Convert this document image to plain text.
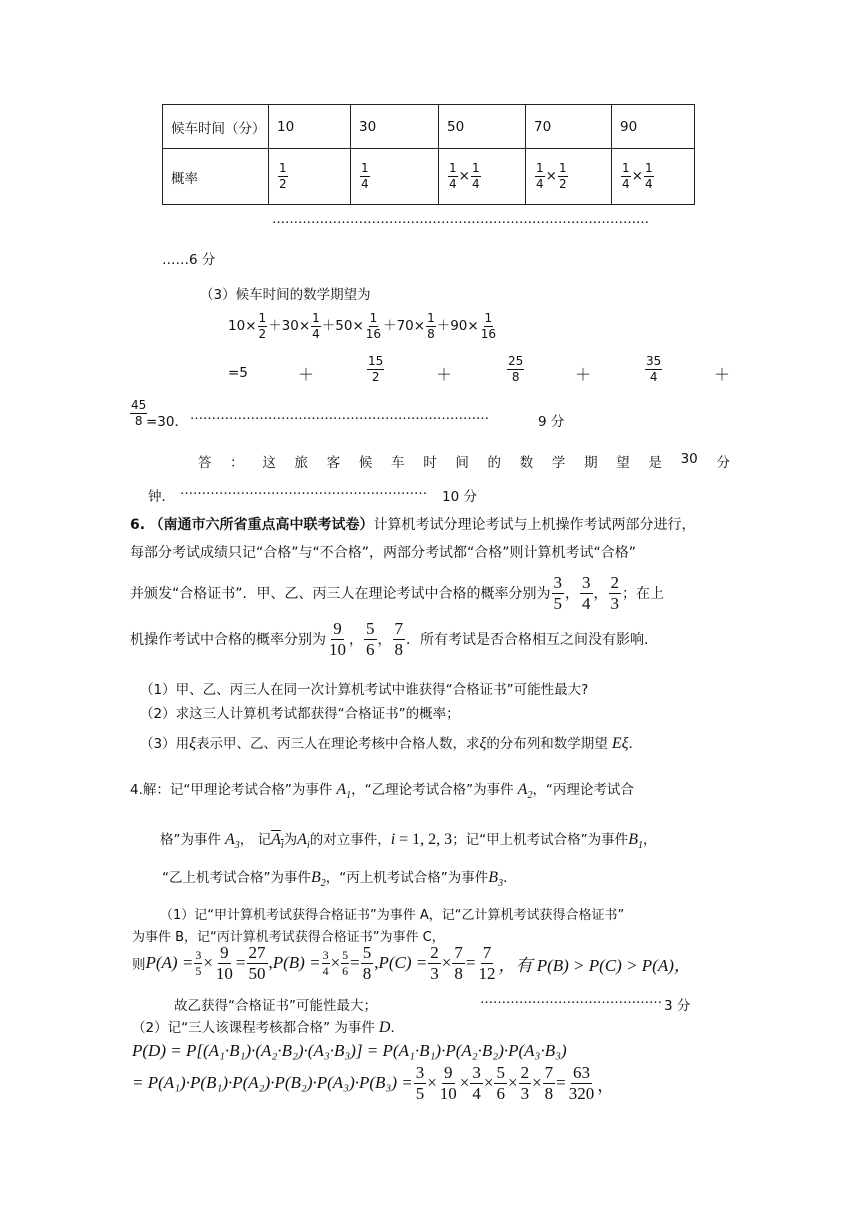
候车时间（分）	10	30	50	70	90
概率	$\frac{1}{2}$	$\frac{1}{4}$	$\frac{1}{4} \times \frac{1}{4}$	$\frac{1}{4} \times \frac{1}{2}$	$\frac{1}{4} \times \frac{1}{4}$
……………………………………………………………………………
……6 分
（3）候车时间的数学期望为
$10\times \frac{1}{2} +30\times \frac{1}{4} +50\times \frac{1}{16} +70\times \frac{1}{8} +90\times \frac{1}{16}$
=5	＋	$\frac{15}{2}$	＋	$\frac{25}{8}$	＋	$\frac{35}{4}$	＋
$\frac{45}{8}$
=30． ……………………………………………………………	9 分
答 ： 这 旅 客 候 车 时 间 的 数 学 期 望 是 30 分
钟． ………………………………………………… 10 分
6. （南通市六所省重点高中联考试卷）计算机考试分理论考试与上机操作考试两部分进行，
每部分考试成绩只记“合格”与“不合格”，两部分考试都“合格”则计算机考试“合格”
并颁发“合格证书”．甲、乙、丙三人在理论考试中合格的概率分别为 $\frac{3}{5}$ ， $\frac{3}{4}$ ， $\frac{2}{3}$ ；在上
机操作考试中合格的概率分别为 $\frac{9}{10}$ ， $\frac{5}{6}$ ， $\frac{7}{8}$ ．所有考试是否合格相互之间没有影响．
（1）甲、乙、丙三人在同一次计算机考试中谁获得“合格证书”可能性最大?
（2）求这三人计算机考试都获得“合格证书”的概率；
（3）用ξ表示甲、乙、丙三人在理论考核中合格人数，求ξ的分布列和数学期望 Eξ．
4.解：记“甲理论考试合格”为事件 $A_1$，“乙理论考试合格”为事件 $A_2$，“丙理论考试合
格”为事件 $A_3$， 记$A_i$为$A_i$的对立事件，i = 1, 2, 3；记“甲上机考试合格”为事件$B_1$，
“乙上机考试合格”为事件$B_2$，“丙上机考试合格”为事件$B_3$．
（1）记“甲计算机考试获得合格证书”为事件 A，记“乙计算机考试获得合格证书”
为事件 B，记“丙计算机考试获得合格证书”为事件 C，
则 $P(A) = \frac{3}{5} \times \frac{9}{10} = \frac{27}{50}$ , $P(B) = \frac{3}{4} \times \frac{5}{6} = \frac{5}{8}$ , $P(C) = \frac{2}{3} \times \frac{7}{8} = \frac{7}{12}$ ，有 P(B) > P(C) > P(A)，
故乙获得“合格证书”可能性最大；	…………………………………… 3 分
（2）记“三人该课程考核都合格” 为事件 D．
P(D) = P[(A₁·B₁)·(A₂·B₂)·(A₃·B₃)] = P(A₁·B₁)·P(A₂·B₂)·P(A₃·B₃)
= $P(A_1)\cdot P(B_1)\cdot P(A_2)\cdot P(B_2)\cdot P(A_3)\cdot P(B_3) = \frac{3}{5} \times \frac{9}{10} \times \frac{3}{4} \times \frac{5}{6} \times \frac{2}{3} \times \frac{7}{8} = \frac{63}{320}$ ，
